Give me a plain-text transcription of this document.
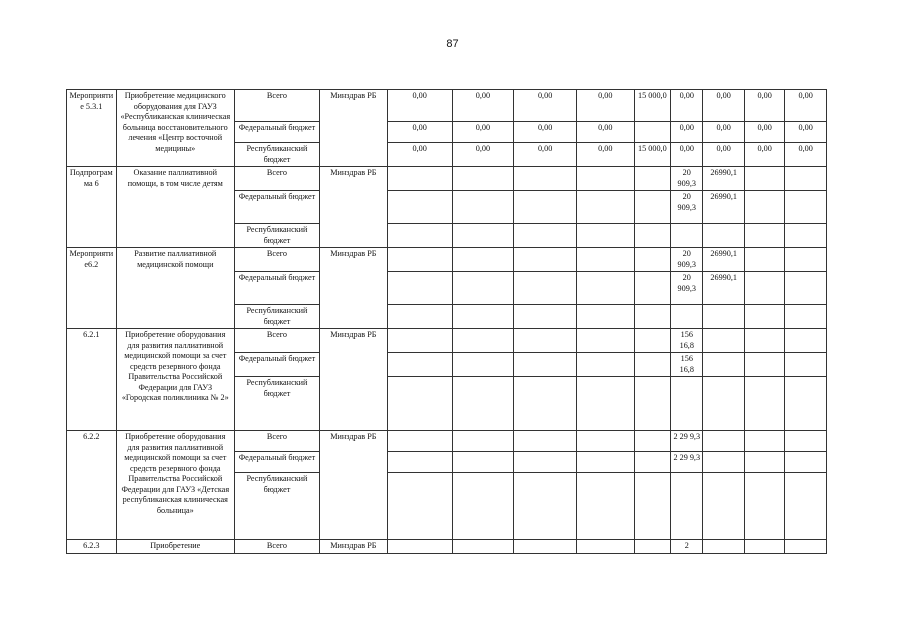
87
Мероприятие 5.3.1	Приобретение медицинского оборудования для ГАУЗ «Республиканская клиническая больница восстановительного лечения «Центр восточной медицины»	Всего	Минздрав РБ	0,00	0,00	0,00	0,00	15 000,0	0,00	0,00	0,00	0,00
		Федеральный бюджет		0,00	0,00	0,00	0,00		0,00	0,00	0,00	0,00
		Республиканский бюджет		0,00	0,00	0,00	0,00	15 000,0	0,00	0,00	0,00	0,00
Подпрограмма 6	Оказание паллиативной помощи, в том числе детям	Всего	Минздрав РБ						20 909,3	26990,1		
		Федеральный бюджет							20 909,3	26990,1		
		Республиканский бюджет										
Мероприятие6.2	Развитие паллиативной медицинской помощи	Всего	Минздрав РБ						20 909,3	26990,1		
		Федеральный бюджет							20 909,3	26990,1		
		Республиканский бюджет										
6.2.1	Приобретение оборудования для развития паллиативной медицинской помощи за счет средств резервного фонда Правительства Российской Федерации для ГАУЗ «Городская поликлиника № 2»	Всего	Минздрав РБ						156 16,8			
		Федеральный бюджет							156 16,8			
		Республиканский бюджет										
6.2.2	Приобретение оборудования для развития паллиативной медицинской помощи за счет средств резервного фонда Правительства Российской Федерации для ГАУЗ «Детская республиканская клиническая больница»	Всего	Минздрав РБ						2 29 9,3			
		Федеральный бюджет							2 29 9,3			
		Республиканский бюджет										
6.2.3	Приобретение	Всего	Минздрав РБ						2			
